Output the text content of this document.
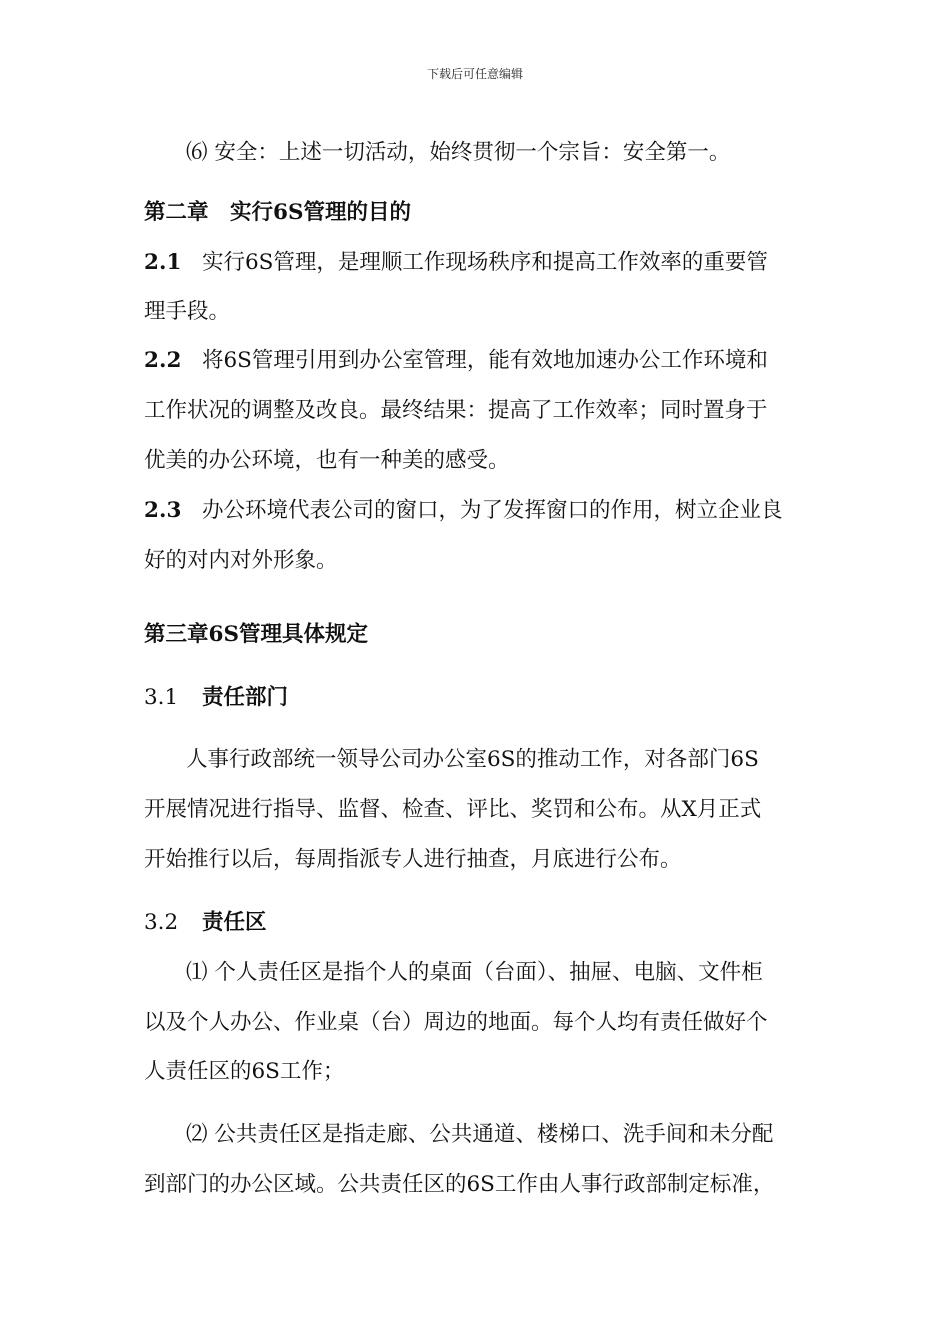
下载后可任意编辑
⑹ 安全：上述一切活动，始终贯彻一个宗旨：安全第一。
第二章　实行6S管理的目的
2.1 实行6S管理，是理顺工作现场秩序和提高工作效率的重要管
理手段。
2.2 将6S管理引用到办公室管理，能有效地加速办公工作环境和
工作状况的调整及改良。最终结果：提高了工作效率；同时置身于
优美的办公环境，也有一种美的感受。
2.3 办公环境代表公司的窗口，为了发挥窗口的作用，树立企业良
好的对内对外形象。
第三章6S管理具体规定
3.1 责任部门
人事行政部统一领导公司办公室6S的推动工作，对各部门6S
开展情况进行指导、监督、检查、评比、奖罚和公布。从X月正式
开始推行以后，每周指派专人进行抽查，月底进行公布。
3.2 责任区
⑴ 个人责任区是指个人的桌面（台面）、抽屉、电脑、文件柜
以及个人办公、作业桌（台）周边的地面。每个人均有责任做好个
人责任区的6S工作；
⑵ 公共责任区是指走廊、公共通道、楼梯口、洗手间和未分配
到部门的办公区域。公共责任区的6S工作由人事行政部制定标准，
